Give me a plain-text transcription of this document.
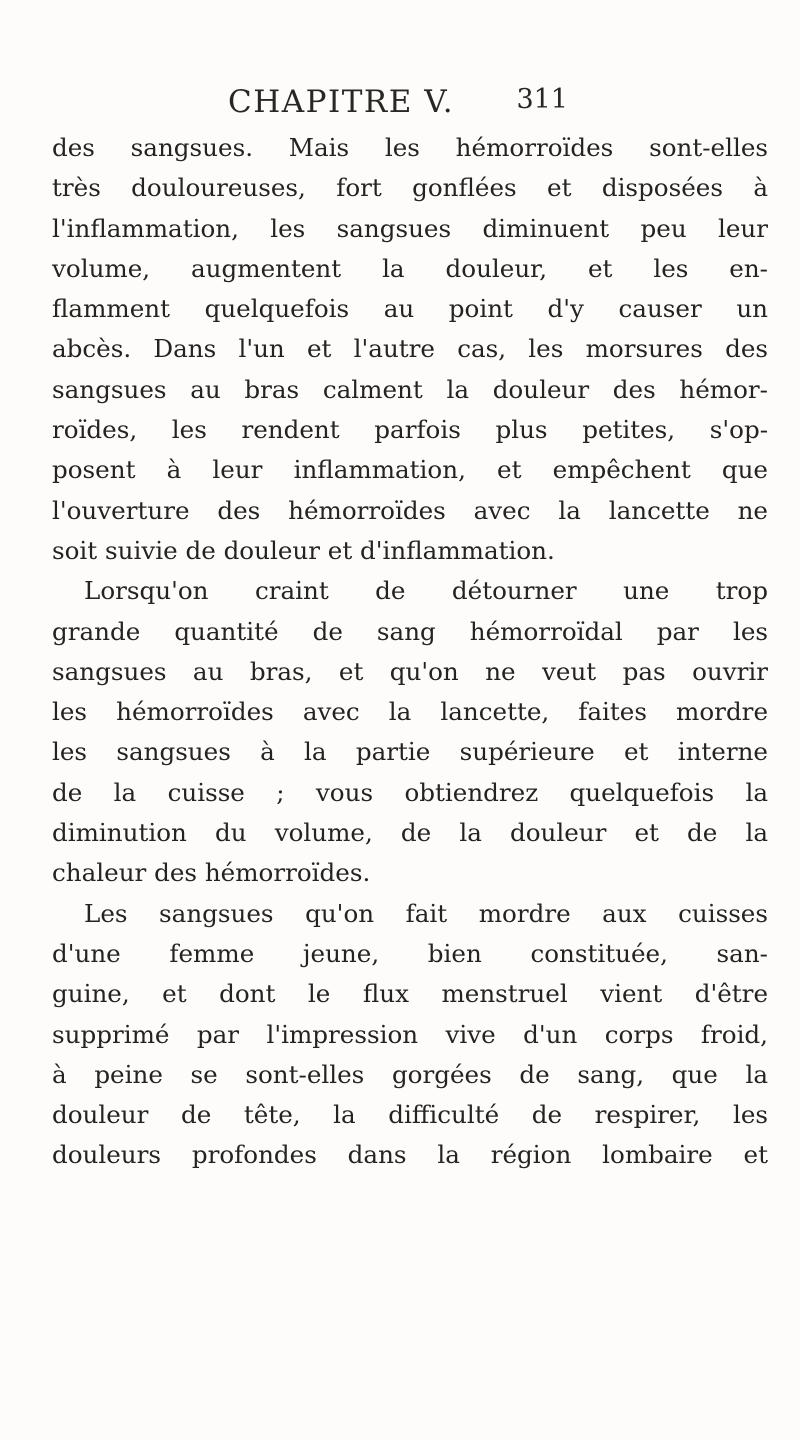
CHAPITRE V. 311
des sangsues. Mais les hémorroïdes sont-elles
très douloureuses, fort gonflées et disposées à
l'inflammation, les sangsues diminuent peu leur
volume, augmentent la douleur, et les en-
flamment quelquefois au point d'y causer un
abcès. Dans l'un et l'autre cas, les morsures des
sangsues au bras calment la douleur des hémor-
roïdes, les rendent parfois plus petites, s'op-
posent à leur inflammation, et empêchent que
l'ouverture des hémorroïdes avec la lancette ne
soit suivie de douleur et d'inflammation.
Lorsqu'on craint de détourner une trop
grande quantité de sang hémorroïdal par les
sangsues au bras, et qu'on ne veut pas ouvrir
les hémorroïdes avec la lancette, faites mordre
les sangsues à la partie supérieure et interne
de la cuisse ; vous obtiendrez quelquefois la
diminution du volume, de la douleur et de la
chaleur des hémorroïdes.
Les sangsues qu'on fait mordre aux cuisses
d'une femme jeune, bien constituée, san-
guine, et dont le flux menstruel vient d'être
supprimé par l'impression vive d'un corps froid,
à peine se sont-elles gorgées de sang, que la
douleur de tête, la difficulté de respirer, les
douleurs profondes dans la région lombaire et
